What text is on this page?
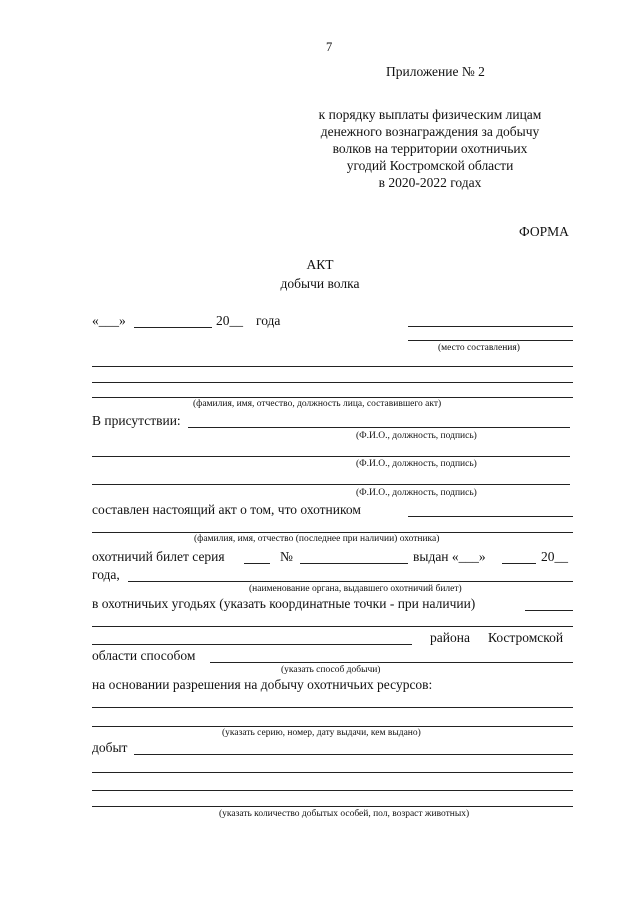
7
Приложение № 2
к порядку выплаты физическим лицам
денежного вознаграждения за добычу
волков на территории охотничьих
угодий Костромской области
в 2020-2022 годах
ФОРМА
АКТ
добычи волка
«___»	20__ года
(место составления)
(фамилия, имя, отчество, должность лица, составившего акт)
В присутствии:
(Ф.И.О., должность, подпись)
(Ф.И.О., должность, подпись)
(Ф.И.О., должность, подпись)
составлен настоящий акт о том, что охотником
(фамилия, имя, отчество (последнее при наличии) охотника)
охотничий билет серия	№	выдан «___»	20__
года,
(наименование органа, выдавшего охотничий билет)
в охотничьих угодьях (указать координатные точки - при наличии)
района Костромской
области способом
(указать способ добычи)
на основании разрешения на добычу охотничьих ресурсов:
(указать серию, номер, дату выдачи, кем выдано)
добыт
(указать количество добытых особей, пол, возраст животных)
